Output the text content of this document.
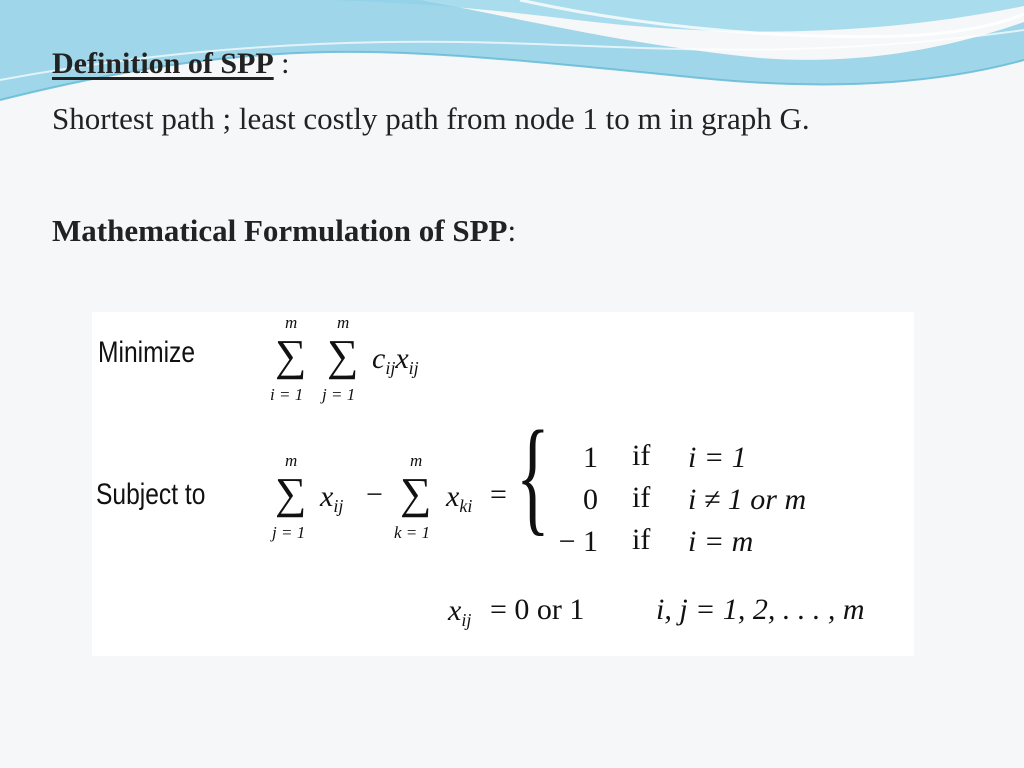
Definition of SPP :
Shortest path ; least costly path from node 1 to m in graph G.
Mathematical Formulation of SPP:
Minimize
m
∑
i = 1
m
∑
j = 1
$c_{ij}x_{ij}$
Subject to
m
∑
j = 1
$x_{ij}$ −
m
∑
k = 1
$x_{ki}$ = {	1 if i = 1
0 if i ≠ 1 or m
− 1 if i = m
$x_{ij} = 0$ or 1 i, j = 1, 2, . . . , m
